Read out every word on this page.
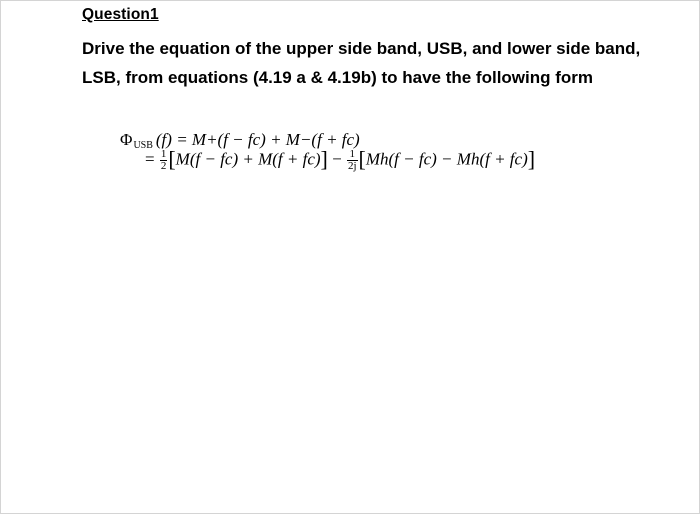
Question1
Drive the equation of the upper side band, USB, and lower side band, LSB, from equations (4.19 a & 4.19b) to have the following form
ΦUSB (f) = M+(f − fc) + M−(f + fc)
= $\frac{1}{2} [M(f - fc) + M(f + fc)] - \frac{1}{2j} [Mh(f - fc) - Mh(f + fc)]$
